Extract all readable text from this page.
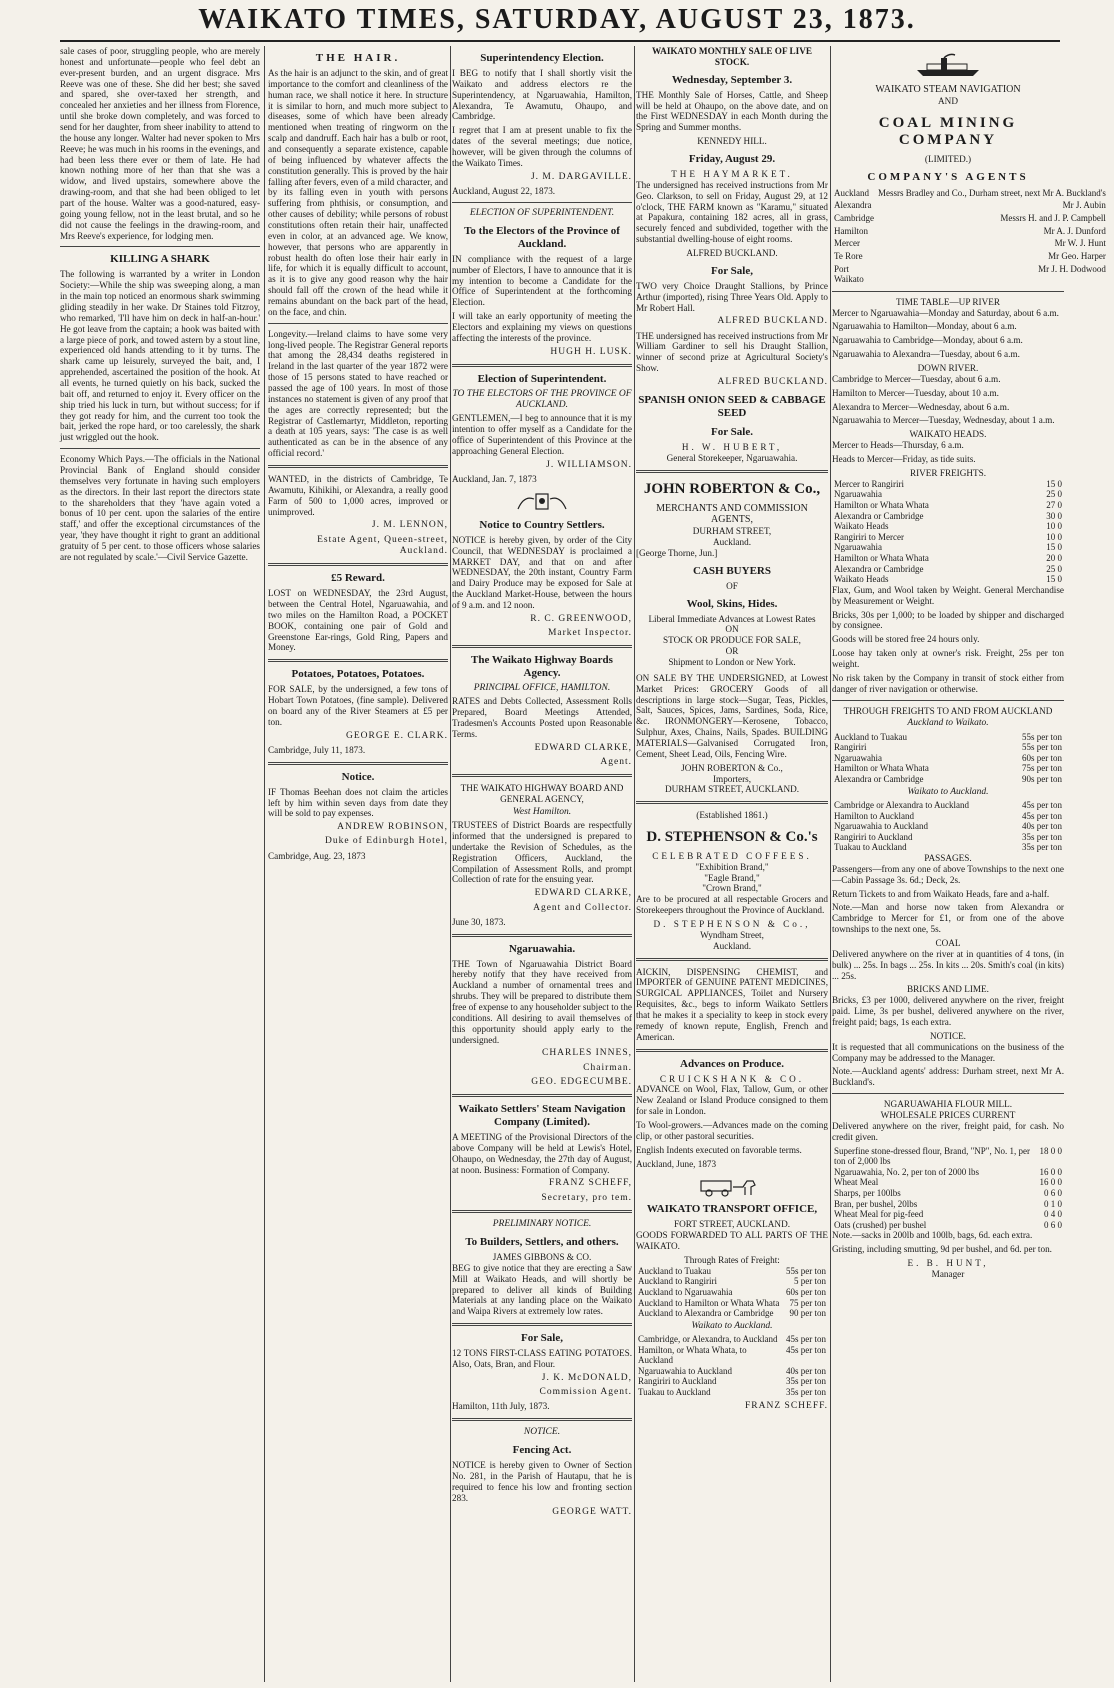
WAIKATO TIMES, SATURDAY, AUGUST 23, 1873.

sale cases of poor, struggling people, who are merely honest and unfortunate—people who feel debt an ever-present burden, and an urgent disgrace. Mrs Reeve was one of these. She did her best; she saved and spared, she over-taxed her strength, and concealed her anxieties and her illness from Florence, until she broke down completely, and was forced to send for her daughter, from sheer inability to attend to the house any longer. Walter had never spoken to Mrs Reeve; he was much in his rooms in the evenings, and had been less there ever or them of late. He had known nothing more of her than that she was a widow, and lived upstairs, somewhere above the drawing-room, and that she had been obliged to let part of the house. Walter was a good-natured, easy-going young fellow, not in the least brutal, and so he did not cause the feelings in the drawing-room, and Mrs Reeve's experience, for lodging men.

KILLING A SHARK

The following is warranted by a writer in London Society:—While the ship was sweeping along, a man in the main top noticed an enormous shark swimming gliding steadily in her wake. Dr Staines told Fitzroy, who remarked, 'I'll have him on deck in half-an-hour.' He got leave from the captain; a hook was baited with a large piece of pork, and towed astern by a stout line, experienced old hands attending to it by turns. The shark came up leisurely, surveyed the bait, and, I apprehended, ascertained the position of the hook. At all events, he turned quietly on his back, sucked the bait off, and returned to enjoy it. Every officer on the ship tried his luck in turn, but without success; for if they got ready for him, and the current too took the bait, jerked the rope hard, or too carelessly, the shark just wriggled out the hook.

Economy Which Pays.—The officials in the National Provincial Bank of England should consider themselves very fortunate in having such employers as the directors. In their last report the directors state to the shareholders that they 'have again voted a bonus of 10 per cent. upon the salaries of the entire staff,' and offer the exceptional circumstances of the year, 'they have thought it right to grant an additional gratuity of 5 per cent. to those officers whose salaries are not regulated by scale.'—Civil Service Gazette.

THE HAIR.

As the hair is an adjunct to the skin, and of great importance to the comfort and cleanliness of the human race, we shall notice it here. In structure it is similar to horn, and much more subject to diseases, some of which have been already mentioned when treating of ringworm on the scalp and dandruff. Each hair has a bulb or root, and consequently a separate existence, capable of being influenced by whatever affects the constitution generally. This is proved by the hair falling after fevers, even of a mild character, and by its falling even in youth with persons suffering from phthisis, or consumption, and other causes of debility; while persons of robust constitutions often retain their hair, unaffected even in color, at an advanced age. We know, however, that persons who are apparently in robust health do often lose their hair early in life, for which it is equally difficult to account, as it is to give any good reason why the hair should fall off the crown of the head while it remains abundant on the back part of the head, on the face, and chin.

Longevity.—Ireland claims to have some very long-lived people. The Registrar General reports that among the 28,434 deaths registered in Ireland in the last quarter of the year 1872 were those of 15 persons stated to have reached or passed the age of 100 years. In most of those instances no statement is given of any proof that the ages are correctly represented; but the Registrar of Castlemartyr, Middleton, reporting a death at 105 years, says: 'The case is as well authenticated as can be in the absence of any official record.'

WANTED, in the districts of Cambridge, Te Awamutu, Kihikihi, or Alexandra, a really good Farm of 500 to 1,000 acres, improved or unimproved.

J. M. LENNON,
Estate Agent, Queen-street, Auckland.
£5 Reward.

LOST on WEDNESDAY, the 23rd August, between the Central Hotel, Ngaruawahia, and two miles on the Hamilton Road, a POCKET BOOK, containing one pair of Gold and Greenstone Ear-rings, Gold Ring, Papers and Money.

Potatoes, Potatoes, Potatoes.

FOR SALE, by the undersigned, a few tons of Hobart Town Potatoes, (fine sample). Delivered on board any of the River Steamers at £5 per ton.

GEORGE E. CLARK.

Cambridge, July 11, 1873.

Notice.

IF Thomas Beehan does not claim the articles left by him within seven days from date they will be sold to pay expenses.

ANDREW ROBINSON,
Duke of Edinburgh Hotel,

Cambridge, Aug. 23, 1873

Superintendency Election.

I BEG to notify that I shall shortly visit the Waikato and address electors re the Superintendency, at Ngaruawahia, Hamilton, Alexandra, Te Awamutu, Ohaupo, and Cambridge.

I regret that I am at present unable to fix the dates of the several meetings; due notice, however, will be given through the columns of the Waikato Times.

J. M. DARGAVILLE.

Auckland, August 22, 1873.

ELECTION OF SUPERINTENDENT.
To the Electors of the Province of Auckland.

IN compliance with the request of a large number of Electors, I have to announce that it is my intention to become a Candidate for the Office of Superintendent at the forthcoming Election.

I will take an early opportunity of meeting the Electors and explaining my views on questions affecting the interests of the province.

HUGH H. LUSK.
Election of Superintendent.
TO THE ELECTORS OF THE PROVINCE OF AUCKLAND.

GENTLEMEN,—I beg to announce that it is my intention to offer myself as a Candidate for the office of Superintendent of this Province at the approaching General Election.

J. WILLIAMSON.

Auckland, Jan. 7, 1873

Notice to Country Settlers.

NOTICE is hereby given, by order of the City Council, that WEDNESDAY is proclaimed a MARKET DAY, and that on and after WEDNESDAY, the 20th instant, Country Farm and Dairy Produce may be exposed for Sale at the Auckland Market-House, between the hours of 9 a.m. and 12 noon.

R. C. GREENWOOD,
Market Inspector.
The Waikato Highway Boards Agency.
PRINCIPAL OFFICE, HAMILTON.

RATES and Debts Collected, Assessment Rolls Prepared, Board Meetings Attended, Tradesmen's Accounts Posted upon Reasonable Terms.

EDWARD CLARKE,
Agent.
THE WAIKATO HIGHWAY BOARD AND GENERAL AGENCY,
West Hamilton.

TRUSTEES of District Boards are respectfully informed that the undersigned is prepared to undertake the Revision of Schedules, as the Registration Officers, Auckland, the Compilation of Assessment Rolls, and prompt Collection of rate for the ensuing year.

EDWARD CLARKE,
Agent and Collector.

June 30, 1873.

Ngaruawahia.

THE Town of Ngaruawahia District Board hereby notify that they have received from Auckland a number of ornamental trees and shrubs. They will be prepared to distribute them free of expense to any householder subject to the conditions. All desiring to avail themselves of this opportunity should apply early to the undersigned.

CHARLES INNES,
Chairman.
GEO. EDGECUMBE.
Waikato Settlers' Steam Navigation Company (Limited).

A MEETING of the Provisional Directors of the above Company will be held at Lewis's Hotel, Ohaupo, on Wednesday, the 27th day of August, at noon. Business: Formation of Company.

FRANZ SCHEFF,
Secretary, pro tem.
PRELIMINARY NOTICE.
To Builders, Settlers, and others.
JAMES GIBBONS & CO.

BEG to give notice that they are erecting a Saw Mill at Waikato Heads, and will shortly be prepared to deliver all kinds of Building Materials at any landing place on the Waikato and Waipa Rivers at extremely low rates.

For Sale,

12 TONS FIRST-CLASS EATING POTATOES. Also, Oats, Bran, and Flour.

J. K. McDONALD,
Commission Agent.

Hamilton, 11th July, 1873.

NOTICE.
Fencing Act.

NOTICE is hereby given to Owner of Section No. 281, in the Parish of Hautapu, that he is required to fence his low and fronting section 283.

GEORGE WATT.
WAIKATO MONTHLY SALE OF LIVE STOCK.
Wednesday, September 3.

THE Monthly Sale of Horses, Cattle, and Sheep will be held at Ohaupo, on the above date, and on the First WEDNESDAY in each Month during the Spring and Summer months.

KENNEDY HILL.
Friday, August 29.
THE HAYMARKET.

The undersigned has received instructions from Mr Geo. Clarkson, to sell on Friday, August 29, at 12 o'clock, THE FARM known as "Karamu," situated at Papakura, containing 182 acres, all in grass, securely fenced and subdivided, together with the substantial dwelling-house of eight rooms.

ALFRED BUCKLAND.
For Sale,

TWO very Choice Draught Stallions, by Prince Arthur (imported), rising Three Years Old. Apply to Mr Robert Hall.

ALFRED BUCKLAND.

THE undersigned has received instructions from Mr William Gardiner to sell his Draught Stallion, winner of second prize at Agricultural Society's Show.

ALFRED BUCKLAND.
SPANISH ONION SEED & CABBAGE SEED
For Sale.
H. W. HUBERT,
General Storekeeper, Ngaruawahia.
JOHN ROBERTON & Co.,
MERCHANTS AND COMMISSION AGENTS,
DURHAM STREET,
Auckland.

[George Thorne, Jun.]

CASH BUYERS
OF
Wool, Skins, Hides.
Liberal Immediate Advances at Lowest Rates
ON
STOCK OR PRODUCE FOR SALE,
OR
Shipment to London or New York.

ON SALE BY THE UNDERSIGNED, at Lowest Market Prices: GROCERY Goods of all descriptions in large stock—Sugar, Teas, Pickles, Salt, Sauces, Spices, Jams, Sardines, Soda, Rice, &c. IRONMONGERY—Kerosene, Tobacco, Sulphur, Axes, Chains, Nails, Spades. BUILDING MATERIALS—Galvanised Corrugated Iron, Cement, Sheet Lead, Oils, Fencing Wire.

JOHN ROBERTON & Co.,
Importers,
DURHAM STREET, AUCKLAND.
(Established 1861.)
D. STEPHENSON & Co.'s
CELEBRATED COFFEES.
"Exhibition Brand,"
"Eagle Brand,"
"Crown Brand,"

Are to be procured at all respectable Grocers and Storekeepers throughout the Province of Auckland.

D. STEPHENSON & Co.,
Wyndham Street,
Auckland.

AICKIN, DISPENSING CHEMIST, and IMPORTER of GENUINE PATENT MEDICINES, SURGICAL APPLIANCES, Toilet and Nursery Requisites, &c., begs to inform Waikato Settlers that he makes it a speciality to keep in stock every remedy of known repute, English, French and American.

Advances on Produce.
CRUICKSHANK & CO.

ADVANCE on Wool, Flax, Tallow, Gum, or other New Zealand or Island Produce consigned to them for sale in London.

To Wool-growers.—Advances made on the coming clip, or other pastoral securities.

English Indents executed on favorable terms.

Auckland, June, 1873

WAIKATO TRANSPORT OFFICE,
FORT STREET, AUCKLAND.

GOODS FORWARDED TO ALL PARTS OF THE WAIKATO.

Through Rates of Freight:
Auckland to Tuakau	55s per ton
Auckland to Rangiriri	5 per ton
Auckland to Ngaruawahia	60s per ton
Auckland to Hamilton or Whata Whata	75 per ton
Auckland to Alexandra or Cambridge	90 per ton
Waikato to Auckland.
Cambridge, or Alexandra, to Auckland	45s per ton
Hamilton, or Whata Whata, to Auckland	45s per ton
Ngaruawahia to Auckland	40s per ton
Rangiriri to Auckland	35s per ton
Tuakau to Auckland	35s per ton
FRANZ SCHEFF.
WAIKATO STEAM NAVIGATION
AND
COAL MINING COMPANY
(LIMITED.)
COMPANY'S AGENTS
Auckland	Messrs Bradley and Co., Durham street, next Mr A. Buckland's
Alexandra	Mr J. Aubin
Cambridge	Messrs H. and J. P. Campbell
Hamilton	Mr A. J. Dunford
Mercer	Mr W. J. Hunt
Te Rore	Mr Geo. Harper
Port Waikato	Mr J. H. Dodwood
TIME TABLE—UP RIVER

Mercer to Ngaruawahia—Monday and Saturday, about 6 a.m.

Ngaruawahia to Hamilton—Monday, about 6 a.m.

Ngaruawahia to Cambridge—Monday, about 6 a.m.

Ngaruawahia to Alexandra—Tuesday, about 6 a.m.

DOWN RIVER.

Cambridge to Mercer—Tuesday, about 6 a.m.

Hamilton to Mercer—Tuesday, about 10 a.m.

Alexandra to Mercer—Wednesday, about 6 a.m.

Ngaruawahia to Mercer—Tuesday, Wednesday, about 1 a.m.

WAIKATO HEADS.

Mercer to Heads—Thursday, 6 a.m.

Heads to Mercer—Friday, as tide suits.

RIVER FREIGHTS.
Mercer to Rangiriri	15 0
Ngaruawahia	25 0
Hamilton or Whata Whata	27 0
Alexandra or Cambridge	30 0
Waikato Heads	10 0
Rangiriri to Mercer	10 0
Ngaruawahia	15 0
Hamilton or Whata Whata	20 0
Alexandra or Cambridge	25 0
Waikato Heads	15 0

Flax, Gum, and Wool taken by Weight. General Merchandise by Measurement or Weight.

Bricks, 30s per 1,000; to be loaded by shipper and discharged by consignee.

Goods will be stored free 24 hours only.

Loose hay taken only at owner's risk. Freight, 25s per ton weight.

No risk taken by the Company in transit of stock either from danger of river navigation or otherwise.

THROUGH FREIGHTS TO AND FROM AUCKLAND
Auckland to Waikato.
Auckland to Tuakau	55s per ton
Rangiriri	55s per ton
Ngaruawahia	60s per ton
Hamilton or Whata Whata	75s per ton
Alexandra or Cambridge	90s per ton
Waikato to Auckland.
Cambridge or Alexandra to Auckland	45s per ton
Hamilton to Auckland	45s per ton
Ngaruawahia to Auckland	40s per ton
Rangiriri to Auckland	35s per ton
Tuakau to Auckland	35s per ton
PASSAGES.

Passengers—from any one of above Townships to the next one—Cabin Passage 3s. 6d.; Deck, 2s.

Return Tickets to and from Waikato Heads, fare and a-half.

Note.—Man and horse now taken from Alexandra or Cambridge to Mercer for £1, or from one of the above townships to the next one, 5s.

COAL

Delivered anywhere on the river at in quantities of 4 tons, (in bulk) ... 25s. In bags ... 25s. In kits ... 20s. Smith's coal (in kits) ... 25s.

BRICKS AND LIME.

Bricks, £3 per 1000, delivered anywhere on the river, freight paid. Lime, 3s per bushel, delivered anywhere on the river, freight paid; bags, 1s each extra.

NOTICE.

It is requested that all communications on the business of the Company may be addressed to the Manager.

Note.—Auckland agents' address: Durham street, next Mr A. Buckland's.

NGARUAWAHIA FLOUR MILL.
WHOLESALE PRICES CURRENT

Delivered anywhere on the river, freight paid, for cash. No credit given.

Superfine stone-dressed flour, Brand, "NP", No. 1, per ton of 2,000 lbs	18 0 0
Ngaruawahia, No. 2, per ton of 2000 lbs	16 0 0
Wheat Meal	16 0 0
Sharps, per 100lbs	0 6 0
Bran, per bushel, 20lbs	0 1 0
Wheat Meal for pig-feed	0 4 0
Oats (crushed) per bushel	0 6 0

Note.—sacks in 200lb and 100lb, bags, 6d. each extra.

Gristing, including smutting, 9d per bushel, and 6d. per ton.

E. B. HUNT,
Manager
